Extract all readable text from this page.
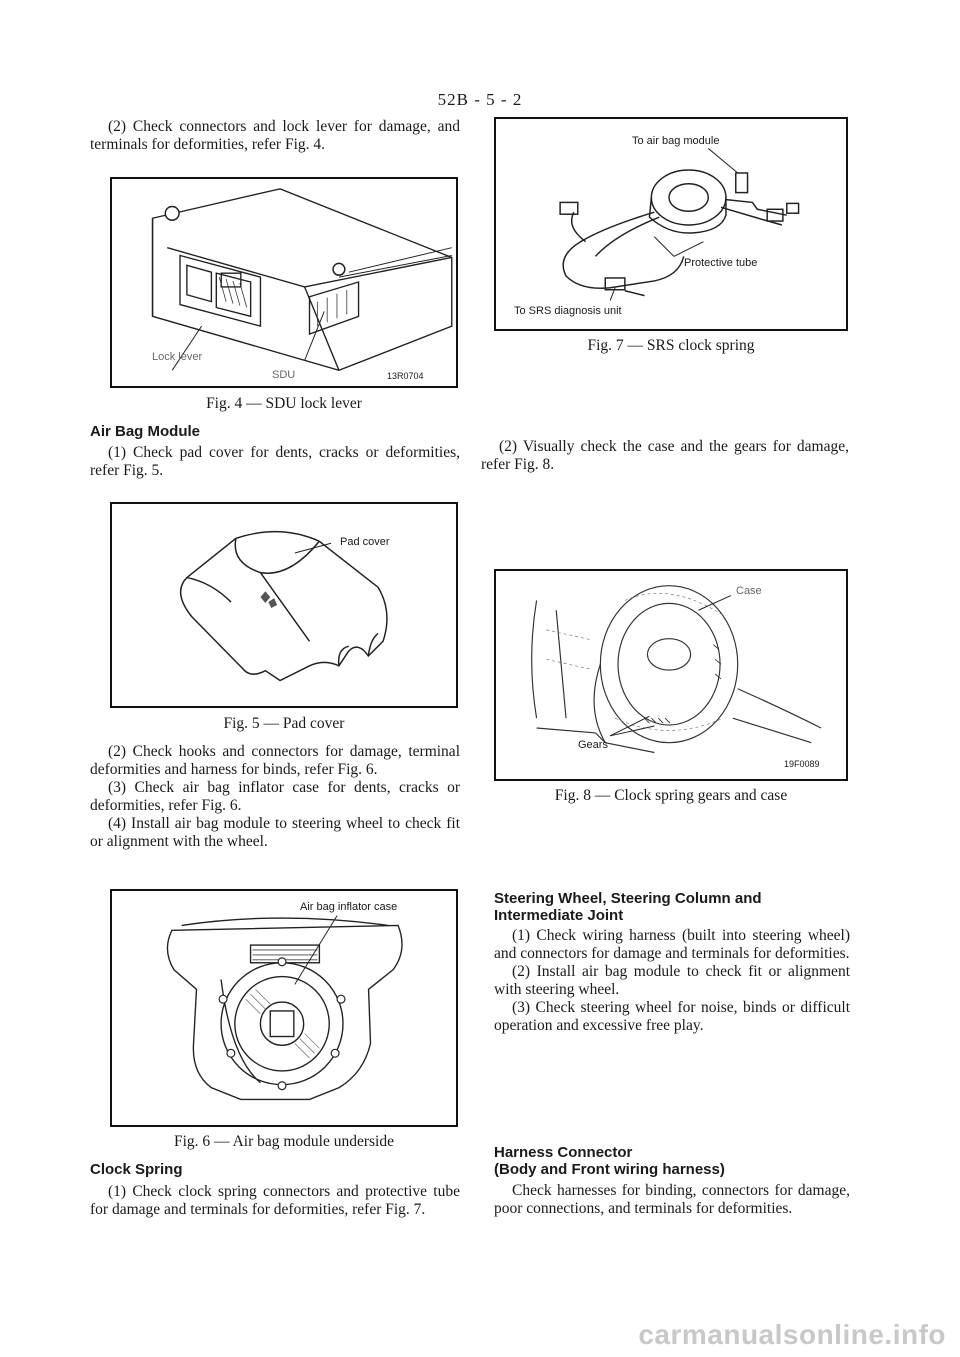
52B - 5 - 2
(2) Check connectors and lock lever for damage, and terminals for deformities, refer Fig. 4.
Lock lever
SDU	13R0704
Fig. 4 — SDU lock lever
Air Bag Module
(1) Check pad cover for dents, cracks or deformities, refer Fig. 5.
Pad cover
Fig. 5 — Pad cover
(2) Check hooks and connectors for damage, terminal deformities and harness for binds, refer Fig. 6.
(3) Check air bag inflator case for dents, cracks or deformities, refer Fig. 6.
(4) Install air bag module to steering wheel to check fit or alignment with the wheel.
Air bag inflator case
Fig. 6 — Air bag module underside
Clock Spring
(1) Check clock spring connectors and protective tube for damage and terminals for deformities, refer Fig. 7.
To air bag module
Protective tube
To SRS diagnosis unit
Fig. 7 — SRS clock spring
(2) Visually check the case and the gears for damage, refer Fig. 8.
Case
Gears
19F0089
Fig. 8 — Clock spring gears and case
Steering Wheel, Steering Column and
Intermediate Joint
(1) Check wiring harness (built into steering wheel) and connectors for damage and terminals for deformities.
(2) Install air bag module to check fit or alignment with steering wheel.
(3) Check steering wheel for noise, binds or difficult operation and excessive free play.
Harness Connector
(Body and Front wiring harness)
Check harnesses for binding, connectors for damage, poor connections, and terminals for deformities.
carmanualsonline.info
